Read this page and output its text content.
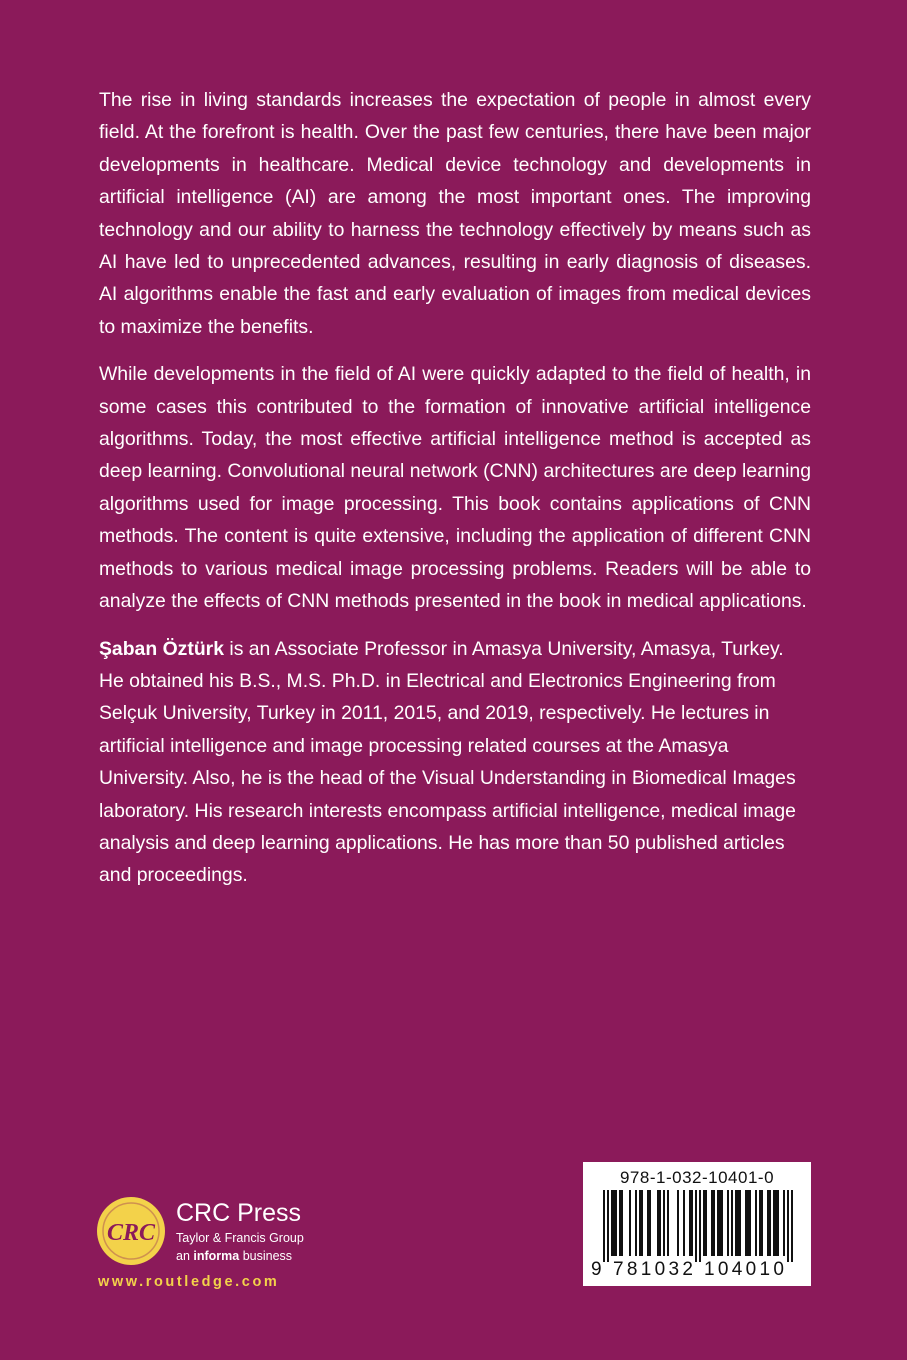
The rise in living standards increases the expectation of people in almost every field. At the forefront is health. Over the past few centuries, there have been major developments in healthcare. Medical device technology and developments in artificial intelligence (AI) are among the most important ones. The improving technology and our ability to harness the technology effectively by means such as AI have led to unprecedented advances, resulting in early diagnosis of diseases. AI algorithms enable the fast and early evaluation of images from medical devices to maximize the benefits.

While developments in the field of AI were quickly adapted to the field of health, in some cases this contributed to the formation of innovative artificial intelligence algorithms. Today, the most effective artificial intelligence method is accepted as deep learning. Convolutional neural network (CNN) architectures are deep learning algorithms used for image processing. This book contains applications of CNN methods. The content is quite extensive, including the application of different CNN methods to various medical image processing problems. Readers will be able to analyze the effects of CNN methods presented in the book in medical applications.

Şaban Öztürk is an Associate Professor in Amasya University, Amasya, Turkey. He obtained his B.S., M.S. Ph.D. in Electrical and Electronics Engineering from Selçuk University, Turkey in 2011, 2015, and 2019, respectively. He lectures in artificial intelligence and image processing related courses at the Amasya University. Also, he is the head of the Visual Understanding in Biomedical Images laboratory. His research interests encompass artificial intelligence, medical image analysis and deep learning applications. He has more than 50 published articles and proceedings.

CRC
CRC Press
Taylor & Francis Group
an informa business
www.routledge.com
978-1-032-10401-0
9 781032 104010
